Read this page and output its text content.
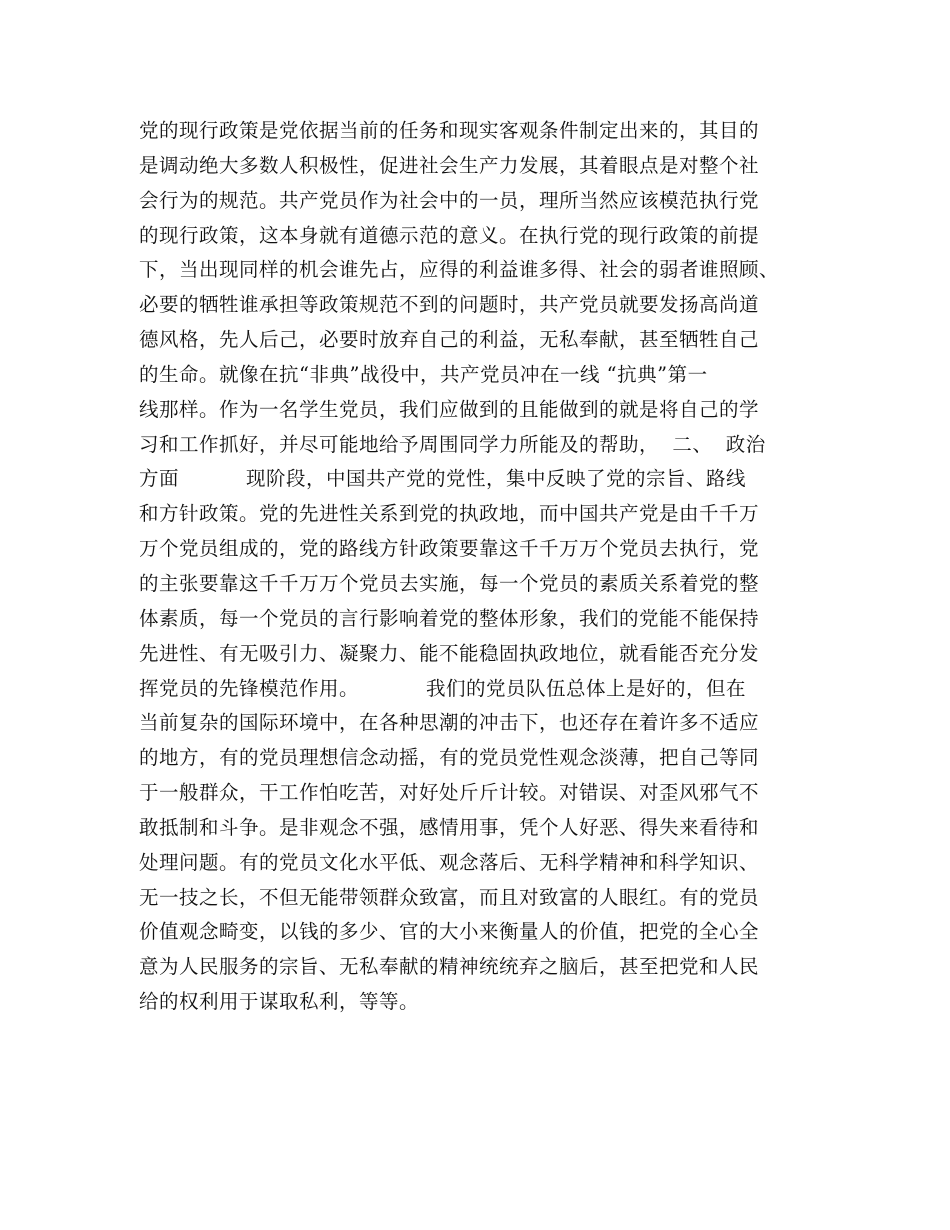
党的现行政策是党依据当前的任务和现实客观条件制定出来的，其目的
是调动绝大多数人积极性，促进社会生产力发展，其着眼点是对整个社
会行为的规范。共产党员作为社会中的一员，理所当然应该模范执行党
的现行政策，这本身就有道德示范的意义。在执行党的现行政策的前提
下，当出现同样的机会谁先占，应得的利益谁多得、社会的弱者谁照顾、
必要的牺牲谁承担等政策规范不到的问题时，共产党员就要发扬高尚道
德风格，先人后己，必要时放弃自己的利益，无私奉献，甚至牺牲自己
的生命。就像在抗“非典”战役中，共产党员冲在一线 “抗典”第一
线那样。作为一名学生党员，我们应做到的且能做到的就是将自己的学
习和工作抓好，并尽可能地给予周围同学力所能及的帮助，  二、  政治
方面          现阶段，中国共产党的党性，集中反映了党的宗旨、路线
和方针政策。党的先进性关系到党的执政地，而中国共产党是由千千万
万个党员组成的，党的路线方针政策要靠这千千万万个党员去执行，党
的主张要靠这千千万万个党员去实施，每一个党员的素质关系着党的整
体素质，每一个党员的言行影响着党的整体形象，我们的党能不能保持
先进性、有无吸引力、凝聚力、能不能稳固执政地位，就看能否充分发
挥党员的先锋模范作用。          我们的党员队伍总体上是好的，但在
当前复杂的国际环境中，在各种思潮的冲击下，也还存在着许多不适应
的地方，有的党员理想信念动摇，有的党员党性观念淡薄，把自己等同
于一般群众，干工作怕吃苦，对好处斤斤计较。对错误、对歪风邪气不
敢抵制和斗争。是非观念不强，感情用事，凭个人好恶、得失来看待和
处理问题。有的党员文化水平低、观念落后、无科学精神和科学知识、
无一技之长，不但无能带领群众致富，而且对致富的人眼红。有的党员
价值观念畸变，以钱的多少、官的大小来衡量人的价值，把党的全心全
意为人民服务的宗旨、无私奉献的精神统统弃之脑后，甚至把党和人民
给的权利用于谋取私利，等等。
